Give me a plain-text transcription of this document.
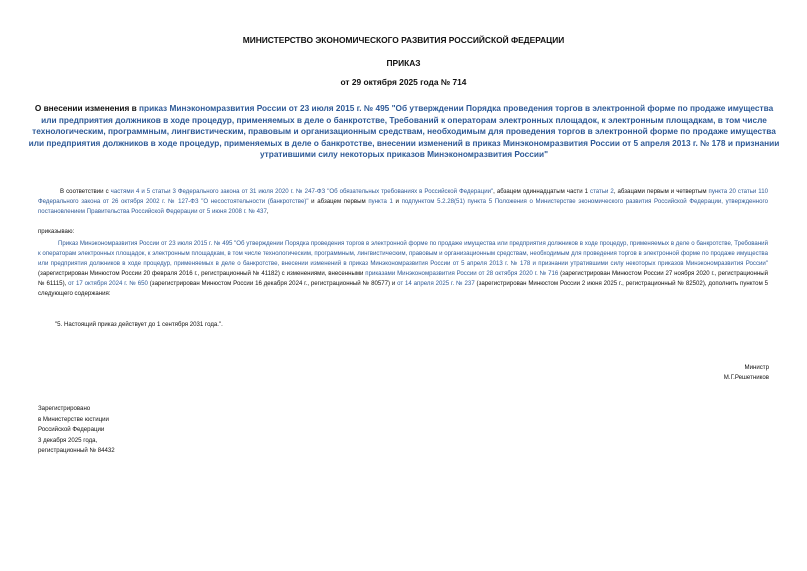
МИНИСТЕРСТВО ЭКОНОМИЧЕСКОГО РАЗВИТИЯ РОССИЙСКОЙ ФЕДЕРАЦИИ
ПРИКАЗ
от 29 октября 2025 года № 714
О внесении изменения в приказ Минэкономразвития России от 23 июля 2015 г. № 495 "Об утверждении Порядка проведения торгов в электронной форме по продаже имущества или предприятия должников в ходе процедур, применяемых в деле о банкротстве, Требований к операторам электронных площадок, к электронным площадкам, в том числе технологическим, программным, лингвистическим, правовым и организационным средствам, необходимым для проведения торгов в электронной форме по продаже имущества или предприятия должников в ходе процедур, применяемых в деле о банкротстве, внесении изменений в приказ Минэкономразвития России от 5 апреля 2013 г. № 178 и признании утратившими силу некоторых приказов Минэкономразвития России"
В соответствии с частями 4 и 5 статьи 3 Федерального закона от 31 июля 2020 г. № 247-ФЗ "Об обязательных требованиях в Российской Федерации", абзацем одиннадцатым части 1 статьи 2, абзацами первым и четвертым пункта 20 статьи 110 Федерального закона от 26 октября 2002 г. № 127-ФЗ "О несостоятельности (банкротстве)" и абзацем первым пункта 1 и подпунктом 5.2.28(51) пункта 5 Положения о Министерстве экономического развития Российской Федерации, утвержденного постановлением Правительства Российской Федерации от 5 июня 2008 г. № 437,
приказываю:
Приказ Минэкономразвития России от 23 июля 2015 г. № 495 "Об утверждении Порядка проведения торгов в электронной форме по продаже имущества или предприятия должников в ходе процедур, применяемых в деле о банкротстве, Требований к операторам электронных площадок, к электронным площадкам, в том числе технологическим, программным, лингвистическим, правовым и организационным средствам, необходимым для проведения торгов в электронной форме по продаже имущества или предприятия должников в ходе процедур, применяемых в деле о банкротстве, внесении изменений в приказ Минэкономразвития России от 5 апреля 2013 г. № 178 и признании утратившими силу некоторых приказов Минэкономразвития России" (зарегистрирован Минюстом России 20 февраля 2016 г., регистрационный № 41182) с изменениями, внесенными приказами Минэкономразвития России от 28 октября 2020 г. № 716 (зарегистрирован Минюстом России 27 ноября 2020 г., регистрационный № 61115), от 17 октября 2024 г. № 650 (зарегистрирован Минюстом России 16 декабря 2024 г., регистрационный № 80577) и от 14 апреля 2025 г. № 237 (зарегистрирован Минюстом России 2 июня 2025 г., регистрационный № 82502), дополнить пунктом 5 следующего содержания:
"5. Настоящий приказ действует до 1 сентября 2031 года.".
Министр
М.Г.Решетников
Зарегистрировано
в Министерстве юстиции
Российской Федерации
3 декабря 2025 года,
регистрационный № 84432
